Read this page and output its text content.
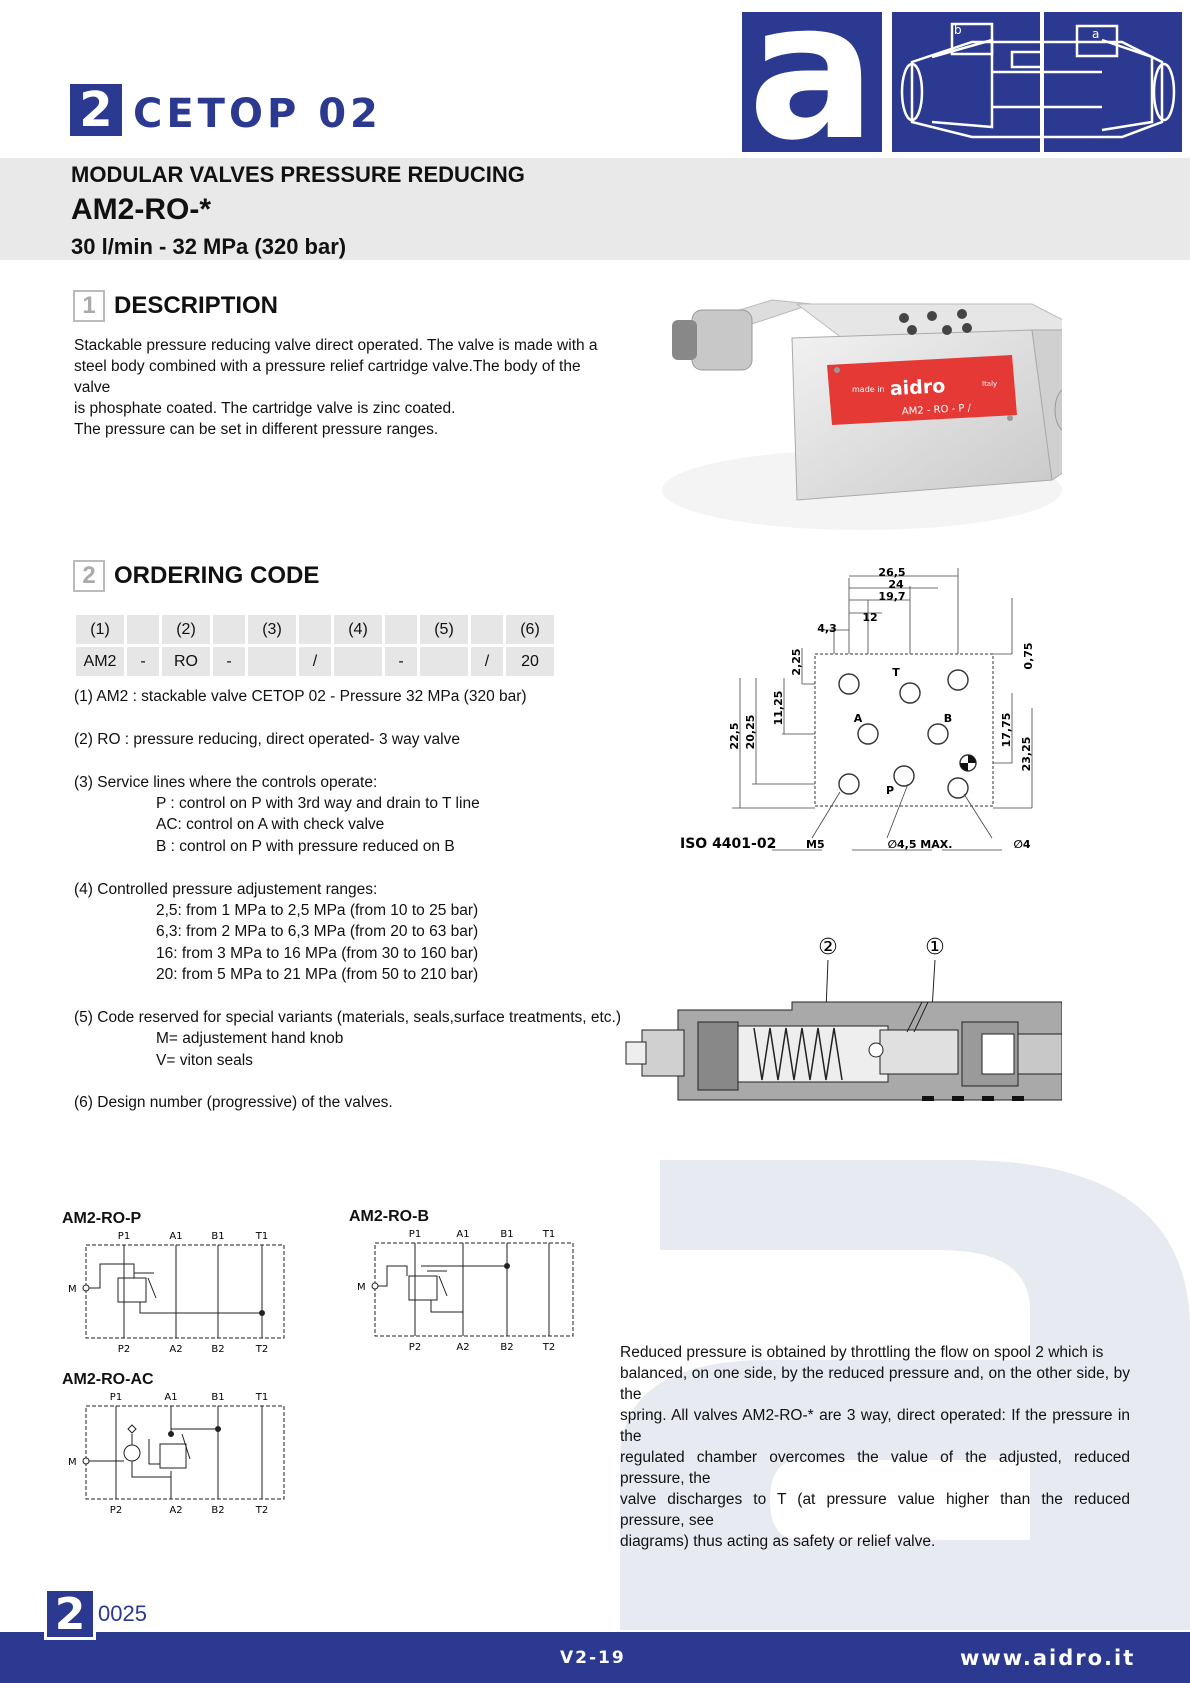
a	b	a
2 CETOP 02
MODULAR VALVES PRESSURE REDUCING
AM2-RO-*
30 l/min - 32 MPa (320 bar)
1 DESCRIPTION
Stackable pressure reducing valve direct operated. The valve is made with a
steel body combined with a pressure relief cartridge valve.The body of the valve
is phosphate coated. The cartridge valve is zinc coated.
The pressure can be set in different pressure ranges.
made in aidro	Italy
AM2 - RO - P /
2 ORDERING CODE
(1)		(2)		(3)		(4)		(5)		(6)
AM2	-	RO	-		/		-		/	20
(1) AM2 : stackable valve CETOP 02 - Pressure 32 MPa (320 bar)
(2) RO : pressure reducing, direct operated- 3 way valve
(3) Service lines where the controls operate:
P : control on P with 3rd way and drain to T line
AC: control on A with check valve
B : control on P with pressure reduced on B
(4) Controlled pressure adjustement ranges:
2,5: from 1 MPa to 2,5 MPa (from 10 to 25 bar)
6,3: from 2 MPa to 6,3 MPa (from 20 to 63 bar)
16: from 3 MPa to 16 MPa (from 30 to 160 bar)
20: from 5 MPa to 21 MPa (from 50 to 210 bar)
(5) Code reserved for special variants (materials, seals,surface treatments, etc.)
M= adjustement hand knob
V= viton seals
(6) Design number (progressive) of the valves.
26,5
24
19,7
12
4,3
22,5 20,25
11,25
2,25	0,75
17,75
23,25
T
A	B
P
ISO 4401-02	M5	∅4,5 MAX.	∅4
②	①
AM2-RO-P
P1	A1	B1	T1
P2	A2	B2	T2
M
AM2-RO-B
P1	A1	B1	T1
P2	A2	B2	T2
M
AM2-RO-AC
P1	A1	B1	T1
P2	A2	B2	T2
M
Reduced pressure is obtained by throttling the flow on spool 2 which is
balanced, on one side, by the reduced pressure and, on the other side, by the
spring. All valves AM2-RO-* are 3 way, direct operated: If the pressure in the
regulated chamber overcomes the value of the adjusted, reduced pressure, the
valve discharges to T (at pressure value higher than the reduced pressure, see
diagrams) thus acting as safety or relief valve.
2 0025
V2-19	www.aidro.it
